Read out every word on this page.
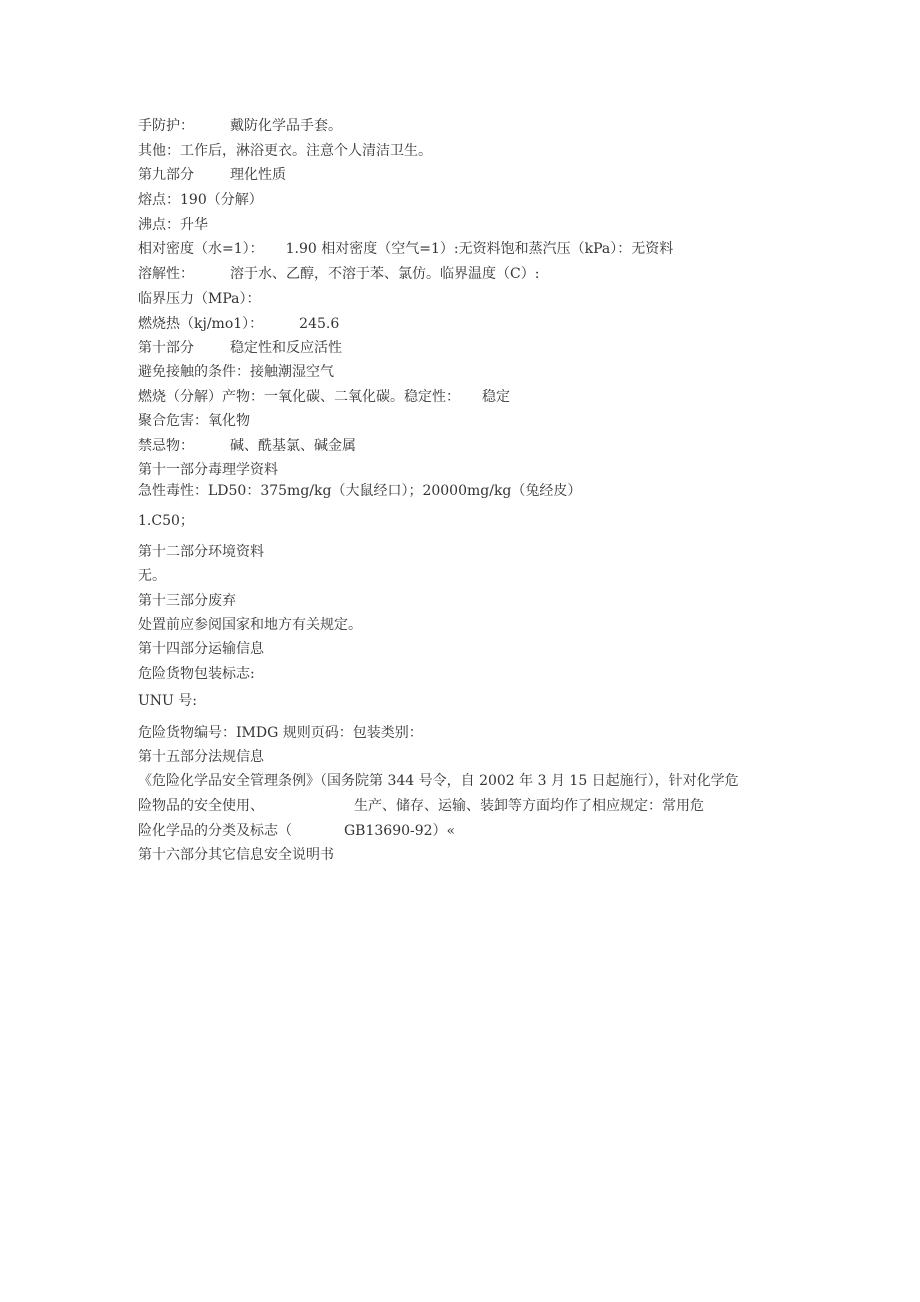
手防护：	戴防化学品手套。
其他：工作后，淋浴更衣。注意个人清洁卫生。
第九部分	理化性质
熔点：190（分解）
沸点：升华
相对密度（水=1）： 1.90 相对密度（空气=1）:无资料饱和蒸汽压（kPa）：无资料
溶解性：	溶于水、乙醇，不溶于苯、氯仿。临界温度（C）:
临界压力（MPa）：
燃烧热（kj/mo1）：	245.6
第十部分	稳定性和反应活性
避免接触的条件：接触潮湿空气
燃烧（分解）产物：一氧化碳、二氧化碳。稳定性： 稳定
聚合危害：氧化物
禁忌物：	碱、酰基氯、碱金属
第十一部分毒理学资料
急性毒性：LD50：375mg/kg（大鼠经口）；20000mg/kg（兔经皮）
1.C50；
第十二部分环境资料
无。
第十三部分废弃
处置前应参阅国家和地方有关规定。
第十四部分运输信息
危险货物包装标志:
UNU 号:
危险货物编号：IMDG 规则页码：包装类别：
第十五部分法规信息
《危险化学品安全管理条例》（国务院第 344 号令，自 2002 年 3 月 15 日起施行），针对化学危
险物品的安全使用、	生产、储存、运输、装卸等方面均作了相应规定：常用危
险化学品的分类及标志（	GB13690-92）«
第十六部分其它信息安全说明书
